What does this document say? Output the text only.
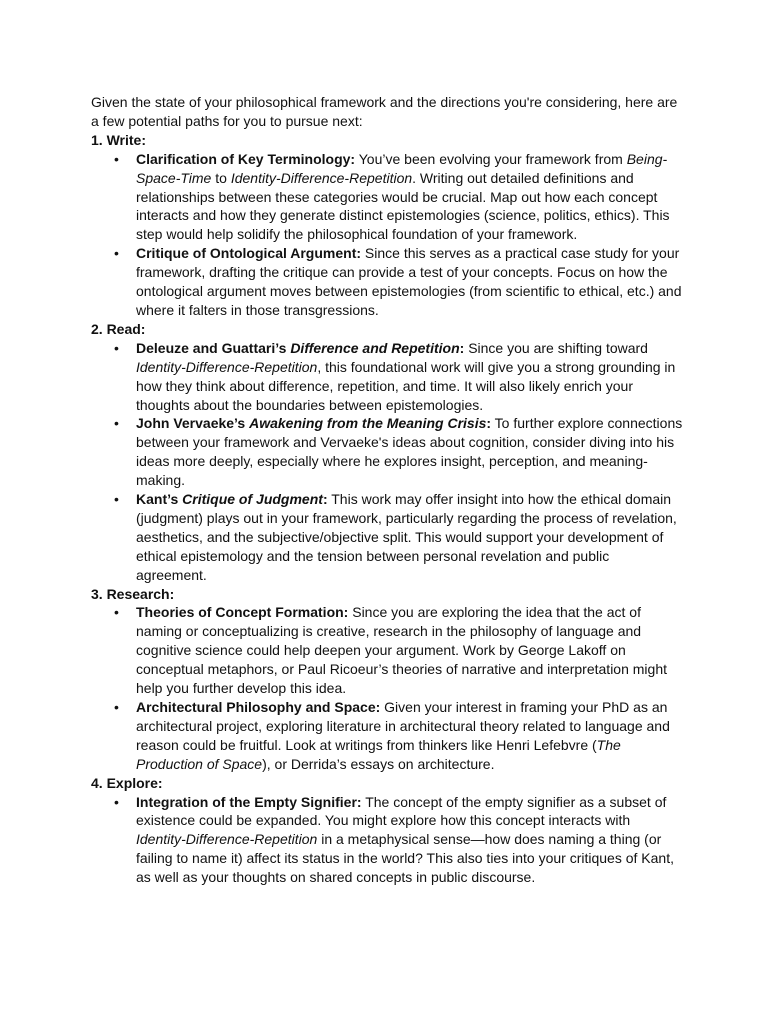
Given the state of your philosophical framework and the directions you're considering, here are a few potential paths for you to pursue next:

1. Write:

• Clarification of Key Terminology: You’ve been evolving your framework from Being-Space-Time to Identity-Difference-Repetition. Writing out detailed definitions and relationships between these categories would be crucial. Map out how each concept interacts and how they generate distinct epistemologies (science, politics, ethics). This step would help solidify the philosophical foundation of your framework.
• Critique of Ontological Argument: Since this serves as a practical case study for your framework, drafting the critique can provide a test of your concepts. Focus on how the ontological argument moves between epistemologies (from scientific to ethical, etc.) and where it falters in those transgressions.

2. Read:

• Deleuze and Guattari’s Difference and Repetition: Since you are shifting toward Identity-Difference-Repetition, this foundational work will give you a strong grounding in how they think about difference, repetition, and time. It will also likely enrich your thoughts about the boundaries between epistemologies.
• John Vervaeke’s Awakening from the Meaning Crisis: To further explore connections between your framework and Vervaeke's ideas about cognition, consider diving into his ideas more deeply, especially where he explores insight, perception, and meaning-making.
• Kant’s Critique of Judgment: This work may offer insight into how the ethical domain (judgment) plays out in your framework, particularly regarding the process of revelation, aesthetics, and the subjective/objective split. This would support your development of ethical epistemology and the tension between personal revelation and public agreement.

3. Research:

• Theories of Concept Formation: Since you are exploring the idea that the act of naming or conceptualizing is creative, research in the philosophy of language and cognitive science could help deepen your argument. Work by George Lakoff on conceptual metaphors, or Paul Ricoeur’s theories of narrative and interpretation might help you further develop this idea.
• Architectural Philosophy and Space: Given your interest in framing your PhD as an architectural project, exploring literature in architectural theory related to language and reason could be fruitful. Look at writings from thinkers like Henri Lefebvre (The Production of Space), or Derrida’s essays on architecture.

4. Explore:

• Integration of the Empty Signifier: The concept of the empty signifier as a subset of existence could be expanded. You might explore how this concept interacts with Identity-Difference-Repetition in a metaphysical sense—how does naming a thing (or failing to name it) affect its status in the world? This also ties into your critiques of Kant, as well as your thoughts on shared concepts in public discourse.
